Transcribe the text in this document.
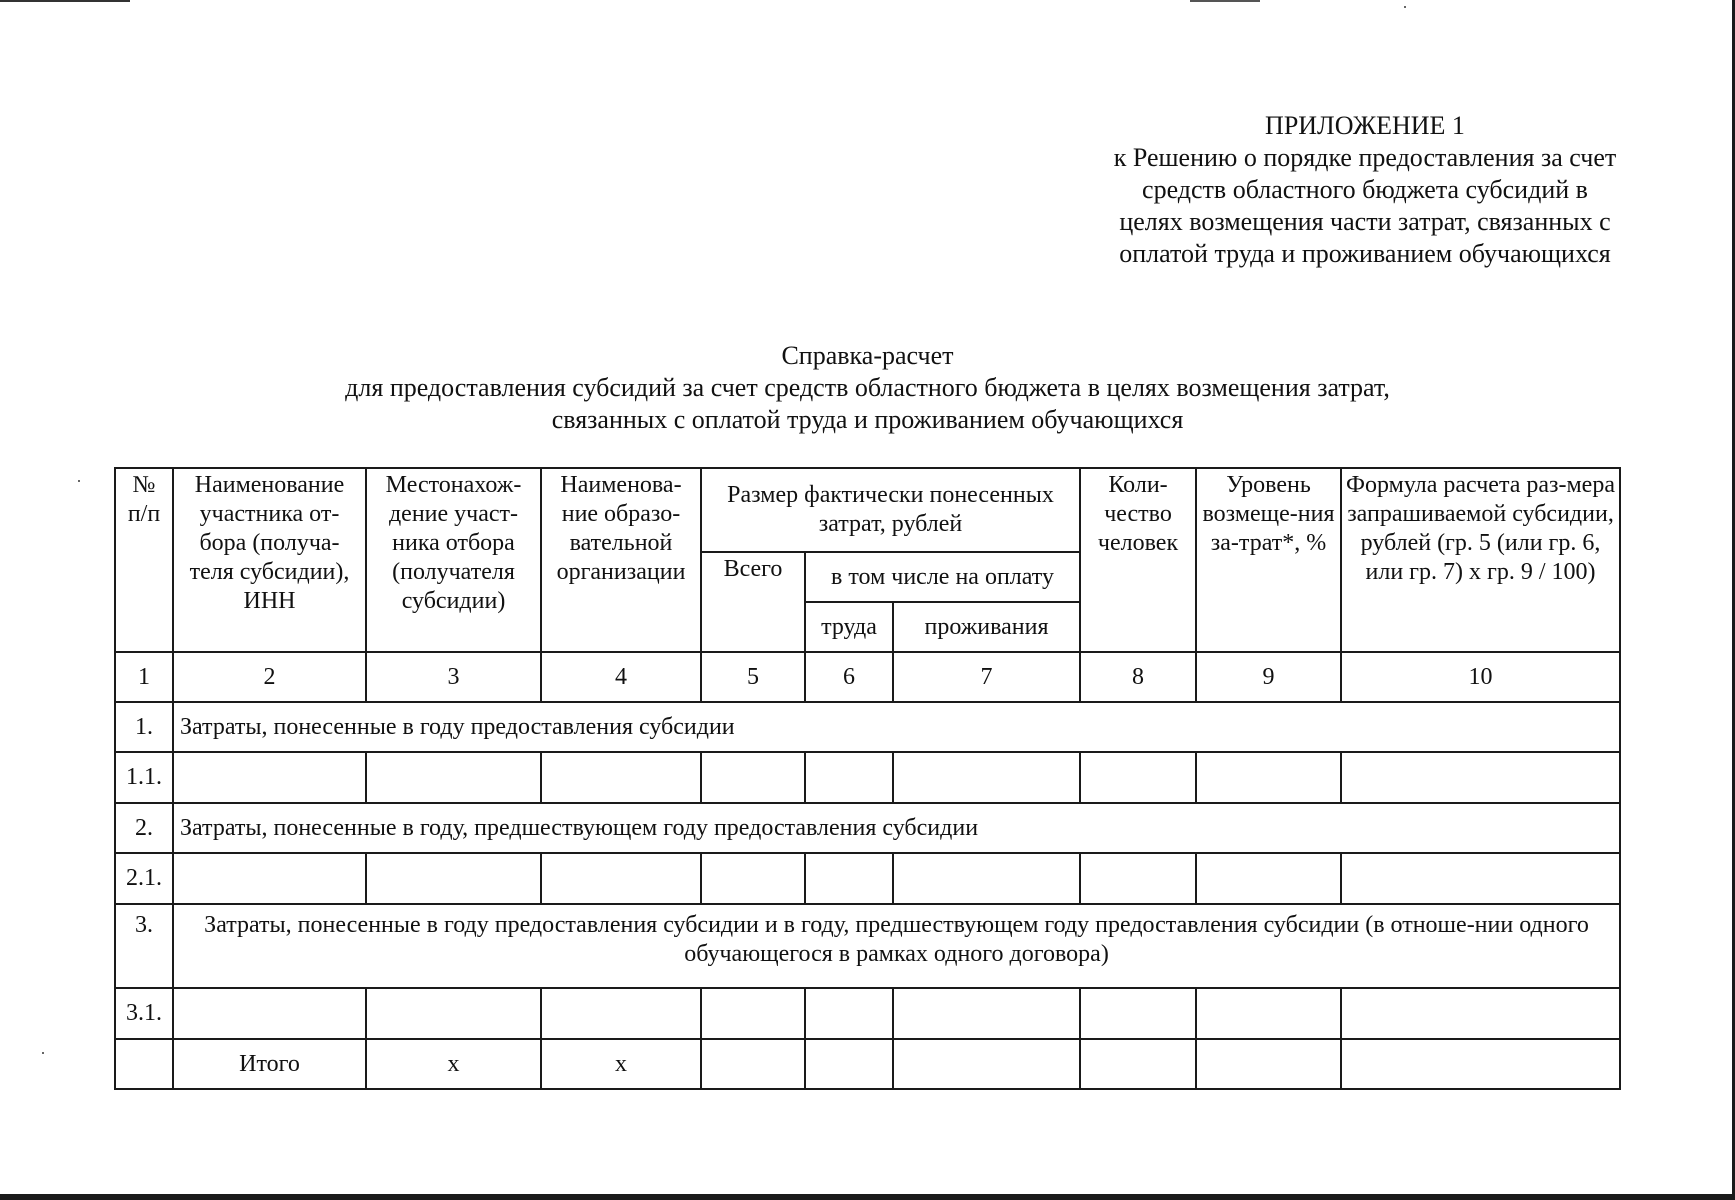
ПРИЛОЖЕНИЕ 1
к Решению о порядке предоставления за счет
средств областного бюджета субсидий в
целях возмещения части затрат, связанных с
оплатой труда и проживанием обучающихся
Справка-расчет
для предоставления субсидий за счет средств областного бюджета в целях возмещения затрат,
связанных с оплатой труда и проживанием обучающихся
№ п/п	Наименование участника от-бора (получа-теля субсидии), ИНН	Местонахож-дение участ-ника отбора (получателя субсидии)	Наименова-ние образо-вательной организации	Размер фактически понесенных затрат, рублей			Коли-чество человек	Уровень возмеще-ния за-трат*, %	Формула расчета раз-мера запрашиваемой субсидии, рублей (гр. 5 (или гр. 6, или гр. 7) х гр. 9 / 100)
				Всего	в том числе на оплату				
					труда	проживания			
1	2	3	4	5	6	7	8	9	10
1.	Затраты, понесенные в году предоставления субсидии								
1.1.									
2.	Затраты, понесенные в году, предшествующем году предоставления субсидии								
2.1.									
3.	Затраты, понесенные в году предоставления субсидии и в году, предшествующем году предоставления субсидии (в отноше-нии одного обучающегося в рамках одного договора)								
3.1.									
	Итого	х	х						
